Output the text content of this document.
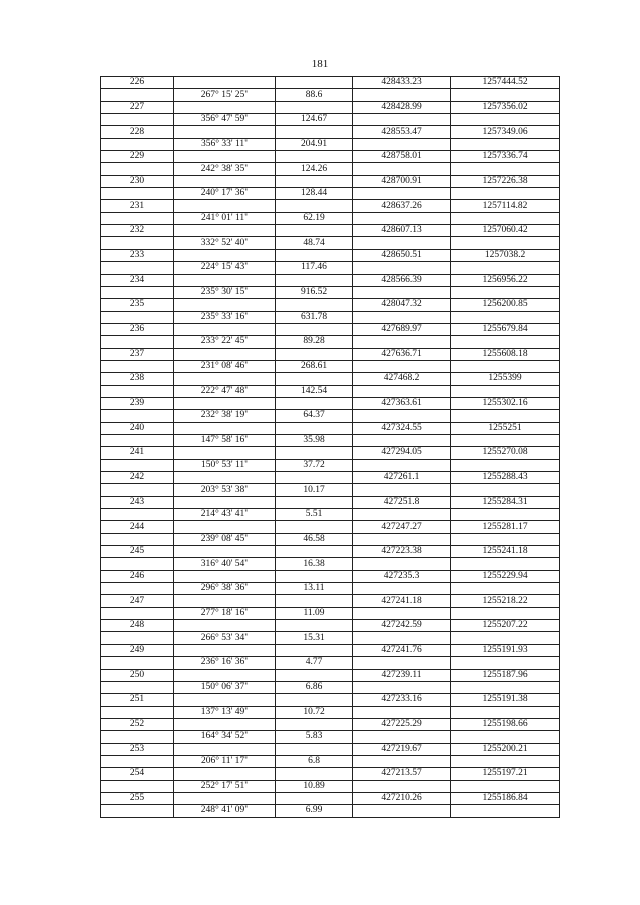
181
226			428433.23	1257444.52
	267° 15' 25"	88.6		
227			428428.99	1257356.02
	356° 47' 59"	124.67		
228			428553.47	1257349.06
	356° 33' 11"	204.91		
229			428758.01	1257336.74
	242° 38' 35"	124.26		
230			428700.91	1257226.38
	240° 17' 36"	128.44		
231			428637.26	1257114.82
	241° 01' 11"	62.19		
232			428607.13	1257060.42
	332° 52' 40"	48.74		
233			428650.51	1257038.2
	224° 15' 43"	117.46		
234			428566.39	1256956.22
	235° 30' 15"	916.52		
235			428047.32	1256200.85
	235° 33' 16"	631.78		
236			427689.97	1255679.84
	233° 22' 45"	89.28		
237			427636.71	1255608.18
	231° 08' 46"	268.61		
238			427468.2	1255399
	222° 47' 48"	142.54		
239			427363.61	1255302.16
	232° 38' 19"	64.37		
240			427324.55	1255251
	147° 58' 16"	35.98		
241			427294.05	1255270.08
	150° 53' 11"	37.72		
242			427261.1	1255288.43
	203° 53' 38"	10.17		
243			427251.8	1255284.31
	214° 43' 41"	5.51		
244			427247.27	1255281.17
	239° 08' 45"	46.58		
245			427223.38	1255241.18
	316° 40' 54"	16.38		
246			427235.3	1255229.94
	296° 38' 36"	13.11		
247			427241.18	1255218.22
	277° 18' 16"	11.09		
248			427242.59	1255207.22
	266° 53' 34"	15.31		
249			427241.76	1255191.93
	236° 16' 36"	4.77		
250			427239.11	1255187.96
	150° 06' 37"	6.86		
251			427233.16	1255191.38
	137° 13' 49"	10.72		
252			427225.29	1255198.66
	164° 34' 52"	5.83		
253			427219.67	1255200.21
	206° 11' 17"	6.8		
254			427213.57	1255197.21
	252° 17' 51"	10.89		
255			427210.26	1255186.84
	248° 41' 09"	6.99		
